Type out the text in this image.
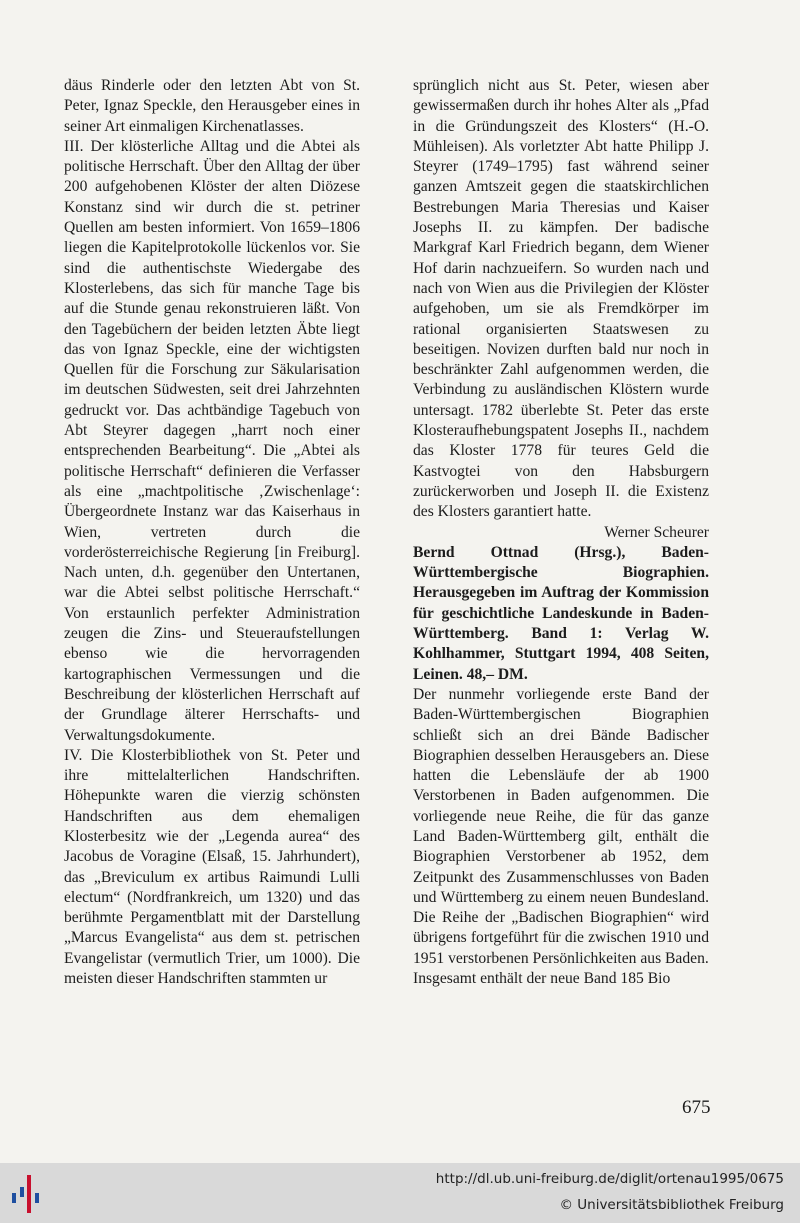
däus Rinderle oder den letzten Abt von St. Peter, Ignaz Speckle, den Herausgeber eines in seiner Art einmaligen Kirchenatlasses.

III. Der klösterliche Alltag und die Abtei als politische Herrschaft. Über den Alltag der über 200 aufgehobenen Klöster der alten Diözese Konstanz sind wir durch die st. petriner Quellen am besten informiert. Von 1659–1806 liegen die Kapitelprotokolle lückenlos vor. Sie sind die authentischste Wiedergabe des Klosterlebens, das sich für manche Tage bis auf die Stunde genau rekonstruieren läßt. Von den Tagebüchern der beiden letzten Äbte liegt das von Ignaz Speckle, eine der wichtigsten Quellen für die Forschung zur Säkularisation im deutschen Südwesten, seit drei Jahrzehnten gedruckt vor. Das achtbändige Tagebuch von Abt Steyrer dagegen „harrt noch einer entsprechenden Bearbeitung“. Die „Abtei als politische Herrschaft“ definieren die Verfasser als eine „machtpolitische ‚Zwischenlage‘: Übergeordnete Instanz war das Kaiserhaus in Wien, vertreten durch die vorderösterreichische Regierung [in Freiburg]. Nach unten, d.h. gegenüber den Untertanen, war die Abtei selbst politische Herrschaft.“ Von erstaunlich perfekter Administration zeugen die Zins- und Steueraufstellungen ebenso wie die hervorragenden kartographischen Vermessungen und die Beschreibung der klösterlichen Herrschaft auf der Grundlage älterer Herrschafts- und Verwaltungsdokumente.

IV. Die Klosterbibliothek von St. Peter und ihre mittelalterlichen Handschriften. Höhepunkte waren die vierzig schönsten Handschriften aus dem ehemaligen Klosterbesitz wie der „Legenda aurea“ des Jacobus de Voragine (Elsaß, 15. Jahrhundert), das „Breviculum ex artibus Raimundi Lulli electum“ (Nordfrankreich, um 1320) und das berühmte Pergamentblatt mit der Darstellung „Marcus Evangelista“ aus dem st. petrischen Evangelistar (vermutlich Trier, um 1000). Die meisten dieser Handschriften stammten ur

sprünglich nicht aus St. Peter, wiesen aber gewissermaßen durch ihr hohes Alter als „Pfad in die Gründungszeit des Klosters“ (H.-O. Mühleisen). Als vorletzter Abt hatte Philipp J. Steyrer (1749–1795) fast während seiner ganzen Amtszeit gegen die staatskirchlichen Bestrebungen Maria Theresias und Kaiser Josephs II. zu kämpfen. Der badische Markgraf Karl Friedrich begann, dem Wiener Hof darin nachzueifern. So wurden nach und nach von Wien aus die Privilegien der Klöster aufgehoben, um sie als Fremdkörper im rational organisierten Staatswesen zu beseitigen. Novizen durften bald nur noch in beschränkter Zahl aufgenommen werden, die Verbindung zu ausländischen Klöstern wurde untersagt. 1782 überlebte St. Peter das erste Klosteraufhebungspatent Josephs II., nachdem das Kloster 1778 für teures Geld die Kastvogtei von den Habsburgern zurückerworben und Joseph II. die Existenz des Klosters garantiert hatte.

Werner Scheurer

Bernd Ottnad (Hrsg.), Baden-Württembergische Biographien. Herausgegeben im Auftrag der Kommission für geschichtliche Landeskunde in Baden-Württemberg. Band 1: Verlag W. Kohlhammer, Stuttgart 1994, 408 Seiten, Leinen. 48,– DM.

Der nunmehr vorliegende erste Band der Baden-Württembergischen Biographien schließt sich an drei Bände Badischer Biographien desselben Herausgebers an. Diese hatten die Lebensläufe der ab 1900 Verstorbenen in Baden aufgenommen. Die vorliegende neue Reihe, die für das ganze Land Baden-Württemberg gilt, enthält die Biographien Verstorbener ab 1952, dem Zeitpunkt des Zusammenschlusses von Baden und Württemberg zu einem neuen Bundesland. Die Reihe der „Badischen Biographien“ wird übrigens fortgeführt für die zwischen 1910 und 1951 verstorbenen Persönlichkeiten aus Baden.

Insgesamt enthält der neue Band 185 Bio

675
http://dl.ub.uni-freiburg.de/diglit/ortenau1995/0675
© Universitätsbibliothek Freiburg
